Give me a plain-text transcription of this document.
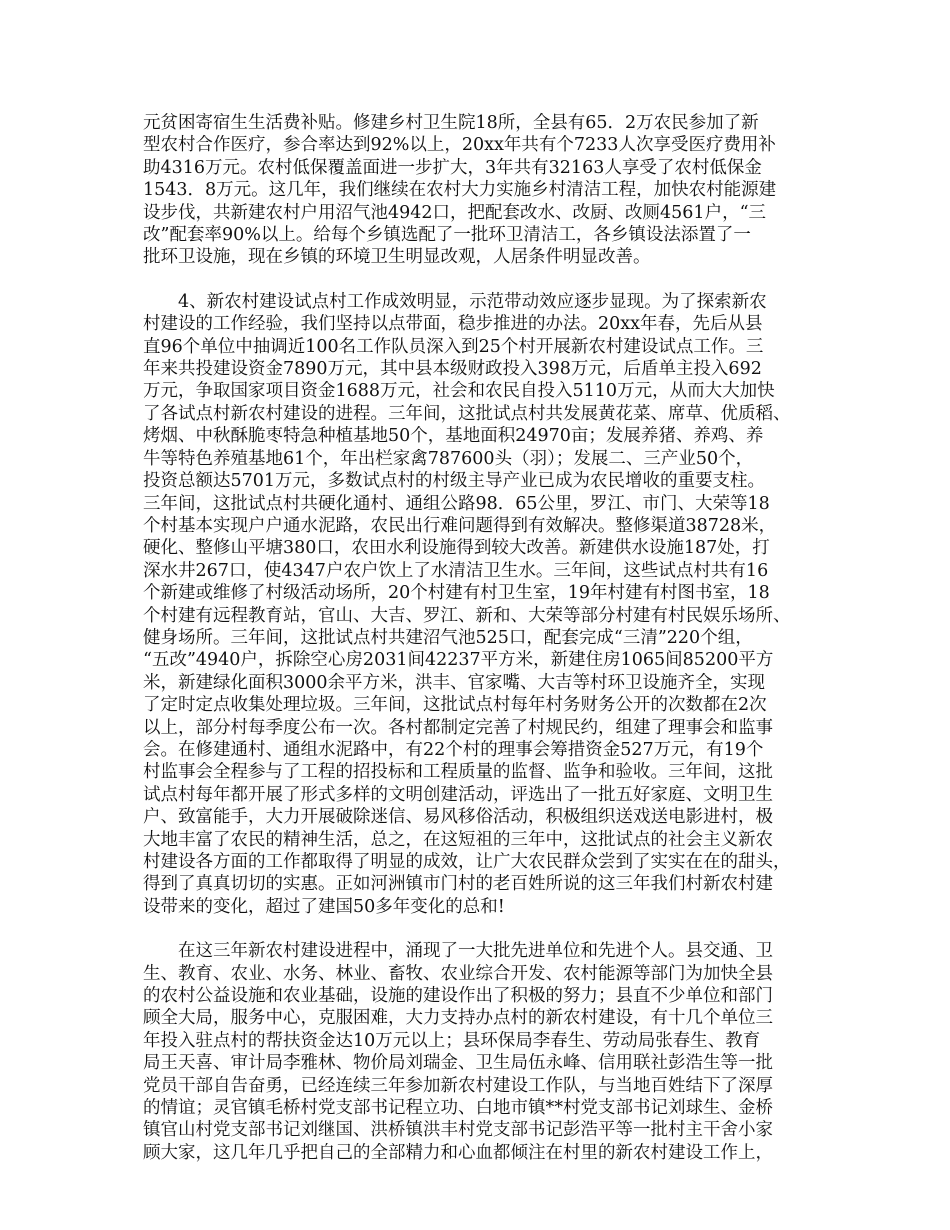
元贫困寄宿生生活费补贴。修建乡村卫生院18所，全县有65．2万农民参加了新
型农村合作医疗，参合率达到92%以上，20xx年共有个7233人次享受医疗费用补
助4316万元。农村低保覆盖面进一步扩大，3年共有32163人享受了农村低保金
1543．8万元。这几年，我们继续在农村大力实施乡村清洁工程，加快农村能源建
设步伐，共新建农村户用沼气池4942口，把配套改水、改厨、改厕4561户，“三
改”配套率90%以上。给每个乡镇选配了一批环卫清洁工，各乡镇设法添置了一
批环卫设施，现在乡镇的环境卫生明显改观，人居条件明显改善。
　　4、新农村建设试点村工作成效明显，示范带动效应逐步显现。为了探索新农
村建设的工作经验，我们坚持以点带面，稳步推进的办法。20xx年春，先后从县
直96个单位中抽调近100名工作队员深入到25个村开展新农村建设试点工作。三
年来共投建设资金7890万元，其中县本级财政投入398万元，后盾单主投入692
万元，争取国家项目资金1688万元，社会和农民自投入5110万元，从而大大加快
了各试点村新农村建设的进程。三年间，这批试点村共发展黄花菜、席草、优质稻、
烤烟、中秋酥脆枣特急种植基地50个，基地面积24970亩；发展养猪、养鸡、养
牛等特色养殖基地61个，年出栏家禽787600头（羽）；发展二、三产业50个，
投资总额达5701万元，多数试点村的村级主导产业已成为农民增收的重要支柱。
三年间，这批试点村共硬化通村、通组公路98．65公里，罗江、市门、大荣等18
个村基本实现户户通水泥路，农民出行难问题得到有效解决。整修渠道38728米，
硬化、整修山平塘380口，农田水利设施得到较大改善。新建供水设施187处，打
深水井267口，使4347户农户饮上了水清洁卫生水。三年间，这些试点村共有16
个新建或维修了村级活动场所，20个村建有村卫生室，19年村建有村图书室，18
个村建有远程教育站，官山、大吉、罗江、新和、大荣等部分村建有村民娱乐场所、
健身场所。三年间，这批试点村共建沼气池525口，配套完成“三清”220个组，
“五改”4940户，拆除空心房2031间42237平方米，新建住房1065间85200平方
米，新建绿化面积3000余平方米，洪丰、官家嘴、大吉等村环卫设施齐全，实现
了定时定点收集处理垃圾。三年间，这批试点村每年村务财务公开的次数都在2次
以上，部分村每季度公布一次。各村都制定完善了村规民约，组建了理事会和监事
会。在修建通村、通组水泥路中，有22个村的理事会筹措资金527万元，有19个
村监事会全程参与了工程的招投标和工程质量的监督、监争和验收。三年间，这批
试点村每年都开展了形式多样的文明创建活动，评选出了一批五好家庭、文明卫生
户、致富能手，大力开展破除迷信、易风移俗活动，积极组织送戏送电影进村，极
大地丰富了农民的精神生活，总之，在这短祖的三年中，这批试点的社会主义新农
村建设各方面的工作都取得了明显的成效，让广大农民群众尝到了实实在在的甜头，
得到了真真切切的实惠。正如河洲镇市门村的老百姓所说的这三年我们村新农村建
设带来的变化，超过了建国50多年变化的总和!
　　在这三年新农村建设进程中，涌现了一大批先进单位和先进个人。县交通、卫
生、教育、农业、水务、林业、畜牧、农业综合开发、农村能源等部门为加快全县
的农村公益设施和农业基础，设施的建设作出了积极的努力；县直不少单位和部门
顾全大局，服务中心，克服困难，大力支持办点村的新农村建设，有十几个单位三
年投入驻点村的帮扶资金达10万元以上；县环保局李春生、劳动局张春生、教育
局王天喜、审计局李雅林、物价局刘瑞金、卫生局伍永峰、信用联社彭浩生等一批
党员干部自告奋勇，已经连续三年参加新农村建设工作队，与当地百姓结下了深厚
的情谊；灵官镇毛桥村党支部书记程立功、白地市镇**村党支部书记刘球生、金桥
镇官山村党支部书记刘继国、洪桥镇洪丰村党支部书记彭浩平等一批村主干舍小家
顾大家，这几年几乎把自己的全部精力和心血都倾注在村里的新农村建设工作上，
